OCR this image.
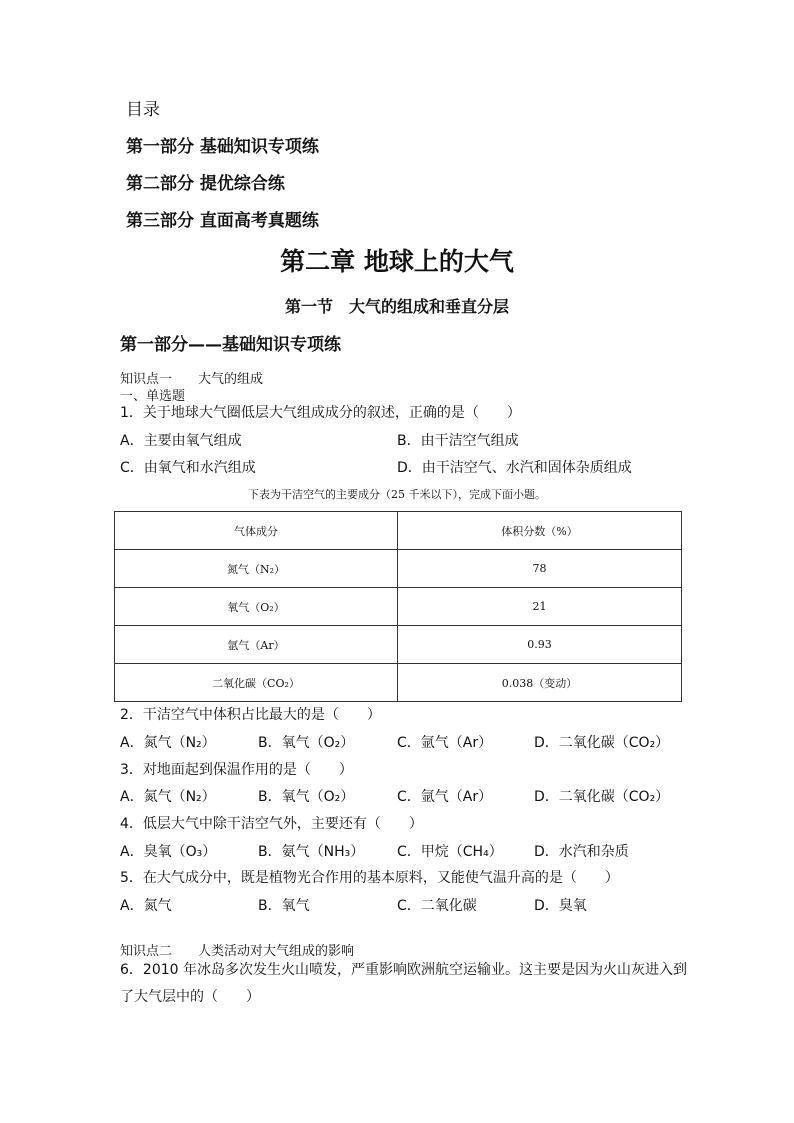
目录
第一部分 基础知识专项练
第二部分 提优综合练
第三部分 直面高考真题练
第二章 地球上的大气
第一节　大气的组成和垂直分层
第一部分——基础知识专项练
知识点一　　大气的组成
一、单选题
1．关于地球大气圈低层大气组成成分的叙述，正确的是（　　）
A．主要由氧气组成	B．由干洁空气组成
C．由氧气和水汽组成	D．由干洁空气、水汽和固体杂质组成
下表为干洁空气的主要成分（25 千米以下），完成下面小题。
气体成分	体积分数（%）
氮气（N₂）	78
氧气（O₂）	21
氩气（Ar）	0.93
二氧化碳（CO₂）	0.038（变动）
2．干洁空气中体积占比最大的是（　　）
A．氮气（N₂）	B．氧气（O₂）	C．氩气（Ar）	D．二氧化碳（CO₂）
3．对地面起到保温作用的是（　　）
A．氮气（N₂）	B．氧气（O₂）	C．氩气（Ar）	D．二氧化碳（CO₂）
4．低层大气中除干洁空气外，主要还有（　　）
A．臭氧（O₃）	B．氨气（NH₃） C．甲烷（CH₄） D．水汽和杂质
5．在大气成分中，既是植物光合作用的基本原料，又能使气温升高的是（　　）
A．氮气	B．氧气	C．二氧化碳	D．臭氧
知识点二　　人类活动对大气组成的影响
6．2010 年冰岛多次发生火山喷发，严重影响欧洲航空运输业。这主要是因为火山灰进入到
了大气层中的（　　）
